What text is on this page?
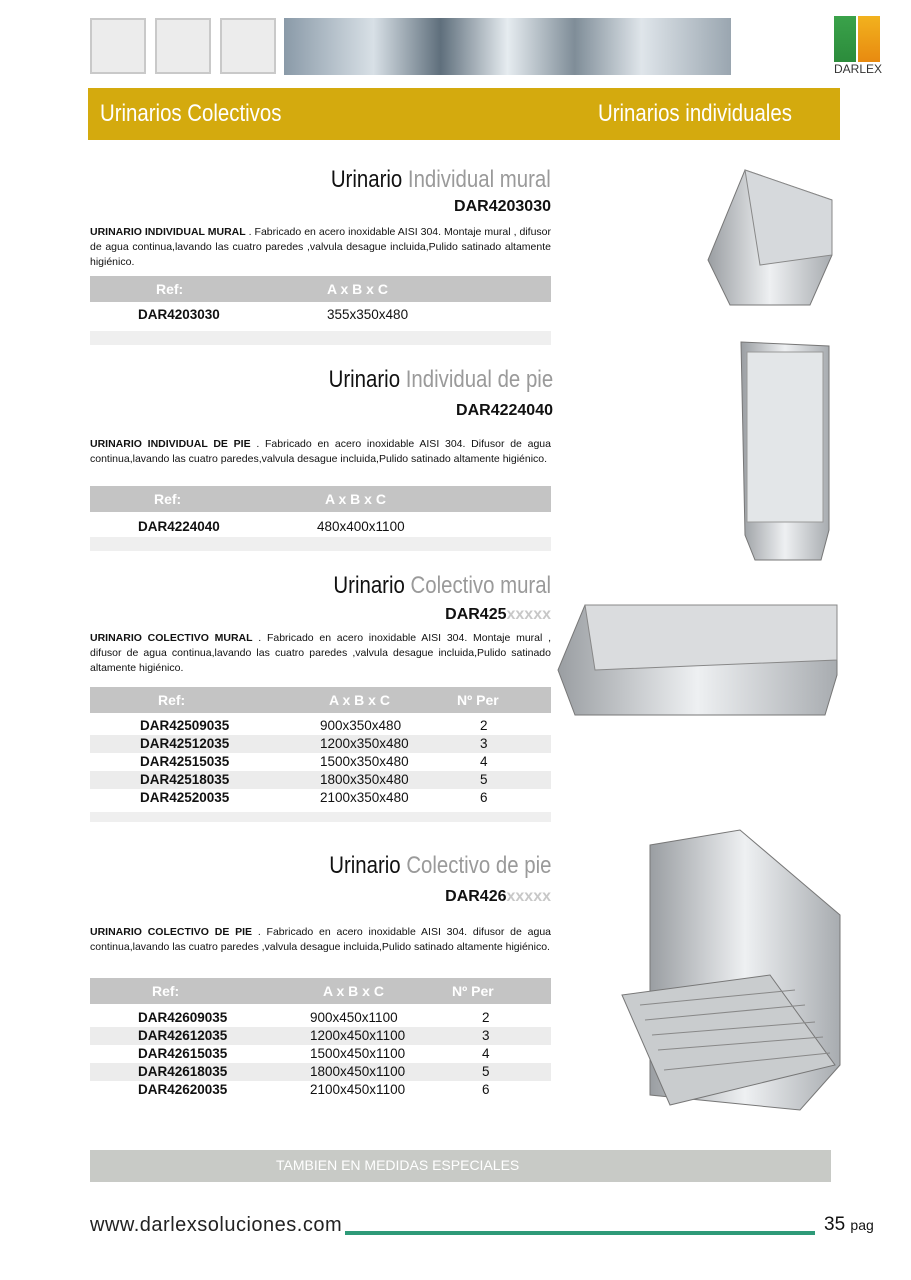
DARLEX
Urinarios Colectivos	Urinarios individuales
Urinario Individual mural
DAR4203030
URINARIO INDIVIDUAL MURAL . Fabricado en acero inoxidable AISI 304. Montaje mural , difusor de agua continua,lavando las cuatro paredes ,valvula desague incluida,Pulido satinado altamente higiénico.
Ref:	A x B x C
DAR4203030	355x350x480
Urinario Individual de pie
DAR4224040
URINARIO INDIVIDUAL DE PIE . Fabricado en acero inoxidable AISI 304. Difusor de agua continua,lavando las cuatro paredes,valvula desague incluida,Pulido satinado altamente higiénico.
Ref:	A x B x C
DAR4224040	480x400x1100
Urinario Colectivo mural
DAR425xxxxx
URINARIO COLECTIVO MURAL . Fabricado en acero inoxidable AISI 304. Montaje mural , difusor de agua continua,lavando las cuatro paredes ,valvula desague incluida,Pulido satinado altamente higiénico.
Ref:	A x B x C	Nº Per
DAR42509035	900x350x480	2
DAR42512035	1200x350x480	3
DAR42515035	1500x350x480	4
DAR42518035	1800x350x480	5
DAR42520035	2100x350x480	6
Urinario Colectivo de pie
DAR426xxxxx
URINARIO COLECTIVO DE PIE . Fabricado en acero inoxidable AISI 304. difusor de agua continua,lavando las cuatro paredes ,valvula desague incluida,Pulido satinado altamente higiénico.
Ref:	A x B x C	Nº Per
DAR42609035	900x450x1100	2
DAR42612035	1200x450x1100	3
DAR42615035	1500x450x1100	4
DAR42618035	1800x450x1100	5
DAR42620035	2100x450x1100	6
TAMBIEN EN MEDIDAS ESPECIALES
www.darlexsoluciones.com	35 pag
